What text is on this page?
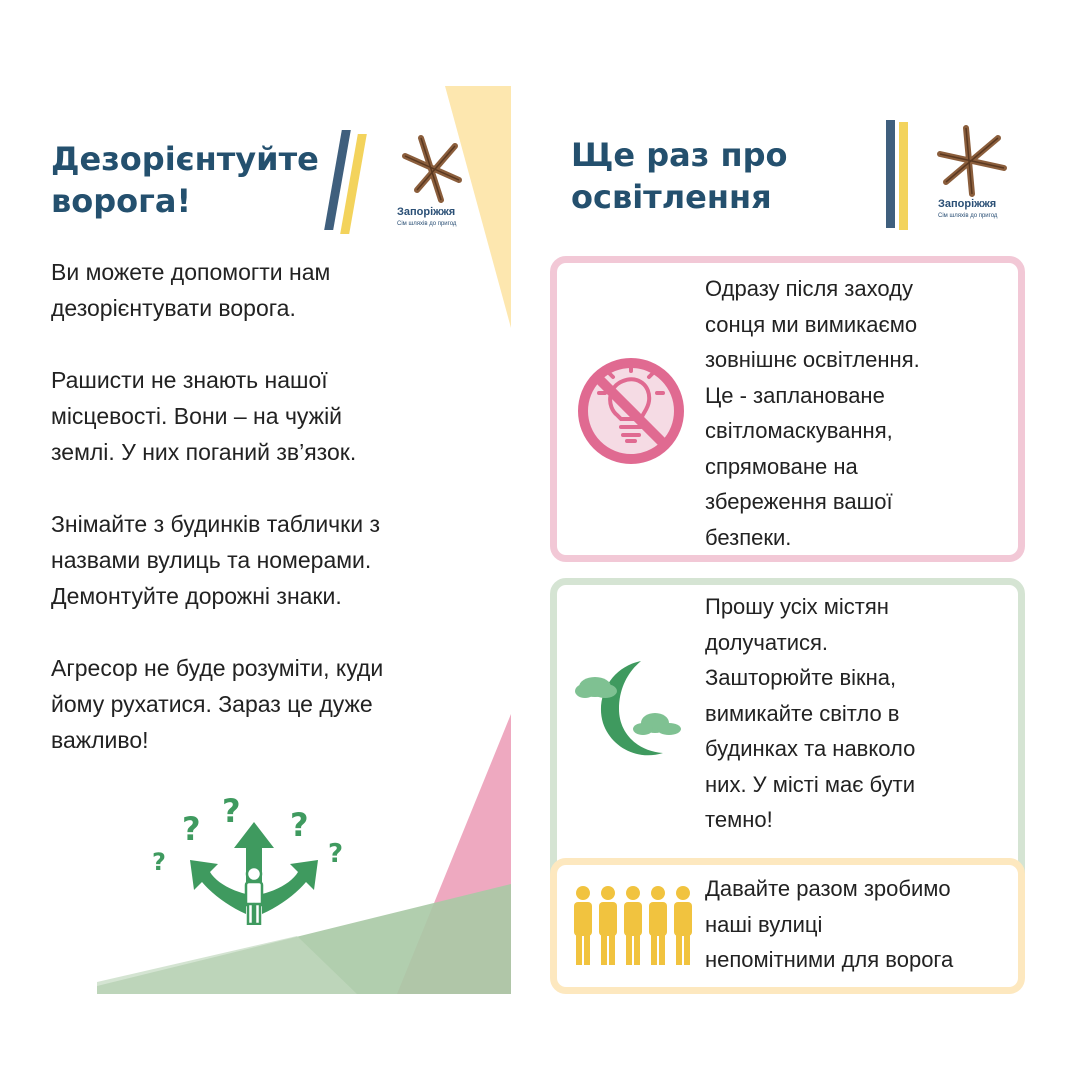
Дезорієнтуйте
ворога!	Запоріжжя
Сім шляхів до пригод

Ви можете допомогти нам
дезорієнтувати ворога.

Рашисти не знають нашої
місцевості. Вони – на чужій
землі. У них поганий зв’язок.

Знімайте з будинків таблички з
назвами вулиць та номерами.
Демонтуйте дорожні знаки.

Агресор не буде розуміти, куди
йому рухатися. Зараз це дуже
важливо!

? ? ?
?
?
Ще раз про
освітлення	Запоріжжя
Сім шляхів до пригод
Одразу після заходу
сонця ми вимикаємо
зовнішнє освітлення.
Це - заплановане
світломаскування,
спрямоване на
збереження вашої
безпеки.
Прошу усіх містян
долучатися.
Зашторюйте вікна,
вимикайте світло в
будинках та навколо
них. У місті має бути
темно!
Давайте разом зробимо
наші вулиці
непомітними для ворога
